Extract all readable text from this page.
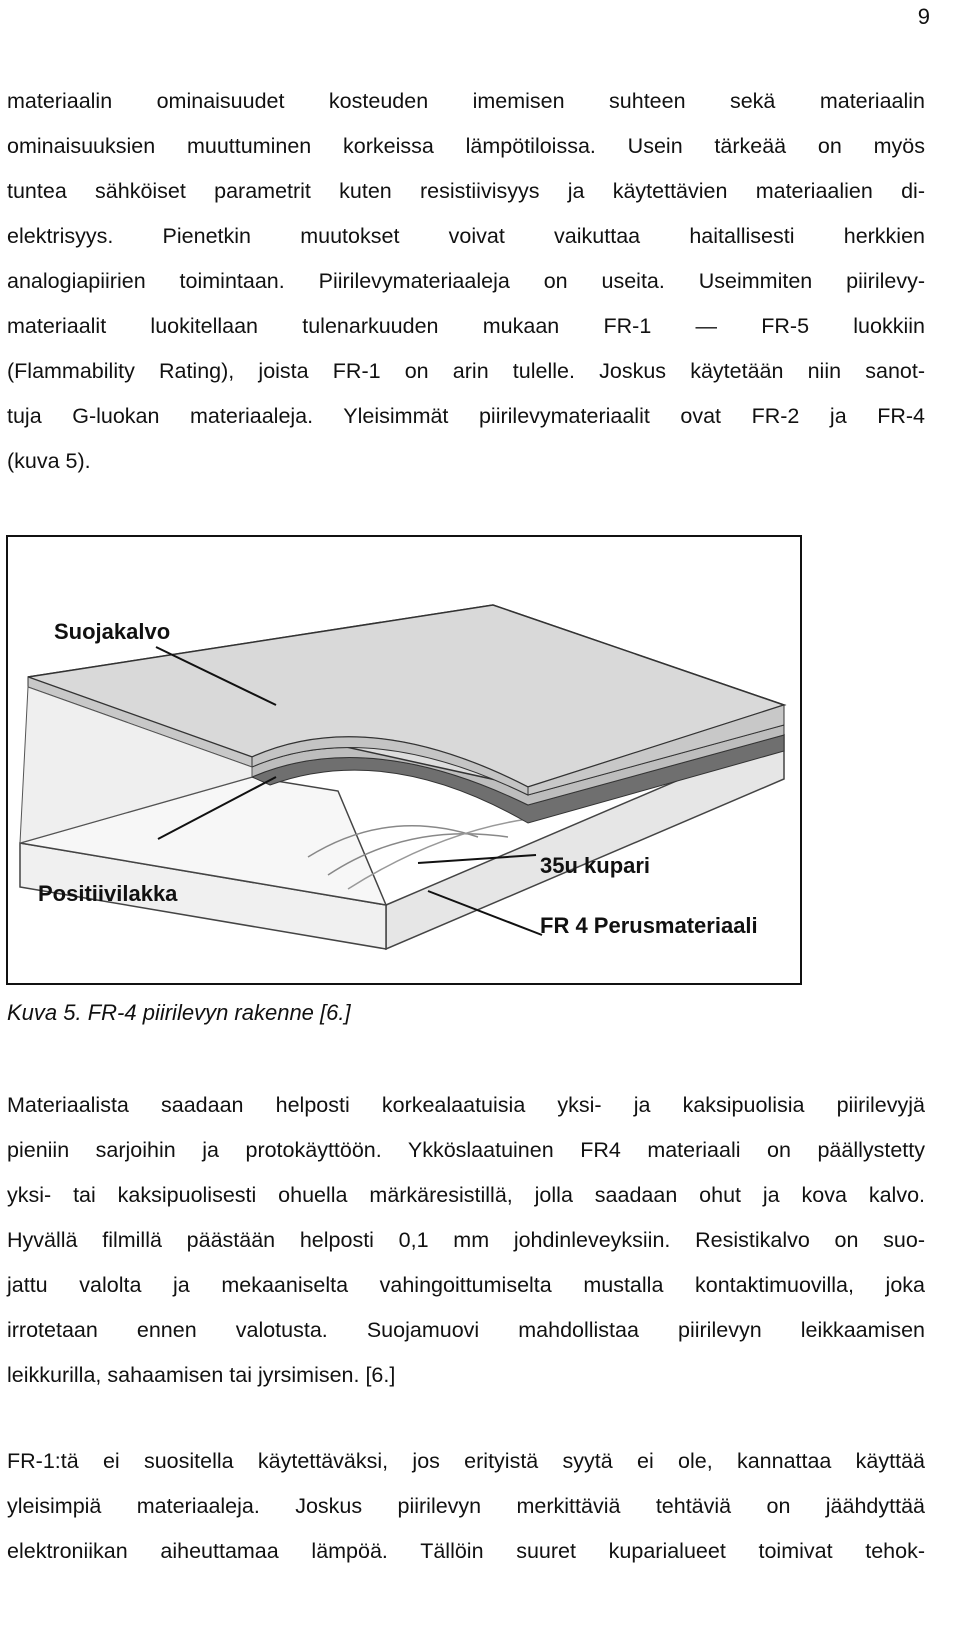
9
materiaalin ominaisuudet kosteuden imemisen suhteen sekä materiaalin
ominaisuuksien muuttuminen korkeissa lämpötiloissa. Usein tärkeää on myös
tuntea sähköiset parametrit kuten resistiivisyys ja käytettävien materiaalien di-
elektrisyys. Pienetkin muutokset voivat vaikuttaa haitallisesti herkkien
analogiapiirien toimintaan. Piirilevymateriaaleja on useita. Useimmiten piirilevy-
materiaalit luokitellaan tulenarkuuden mukaan FR-1 — FR-5 luokkiin
(Flammability Rating), joista FR-1 on arin tulelle. Joskus käytetään niin sanot-
tuja G-luokan materiaaleja. Yleisimmät piirilevymateriaalit ovat FR-2 ja FR-4
(kuva 5).
Suojakalvo
Positiivilakka
35u kupari
FR 4 Perusmateriaali
Kuva 5. FR-4 piirilevyn rakenne [6.]
Materiaalista saadaan helposti korkealaatuisia yksi- ja kaksipuolisia piirilevyjä
pieniin sarjoihin ja protokäyttöön. Ykköslaatuinen FR4 materiaali on päällystetty
yksi- tai kaksipuolisesti ohuella märkäresistillä, jolla saadaan ohut ja kova kalvo.
Hyvällä filmillä päästään helposti 0,1 mm johdinleveyksiin. Resistikalvo on suo-
jattu valolta ja mekaaniselta vahingoittumiselta mustalla kontaktimuovilla, joka
irrotetaan ennen valotusta. Suojamuovi mahdollistaa piirilevyn leikkaamisen
leikkurilla, sahaamisen tai jyrsimisen. [6.]
FR-1:tä ei suositella käytettäväksi, jos erityistä syytä ei ole, kannattaa käyttää
yleisimpiä materiaaleja. Joskus piirilevyn merkittäviä tehtäviä on jäähdyttää
elektroniikan aiheuttamaa lämpöä. Tällöin suuret kuparialueet toimivat tehok-
